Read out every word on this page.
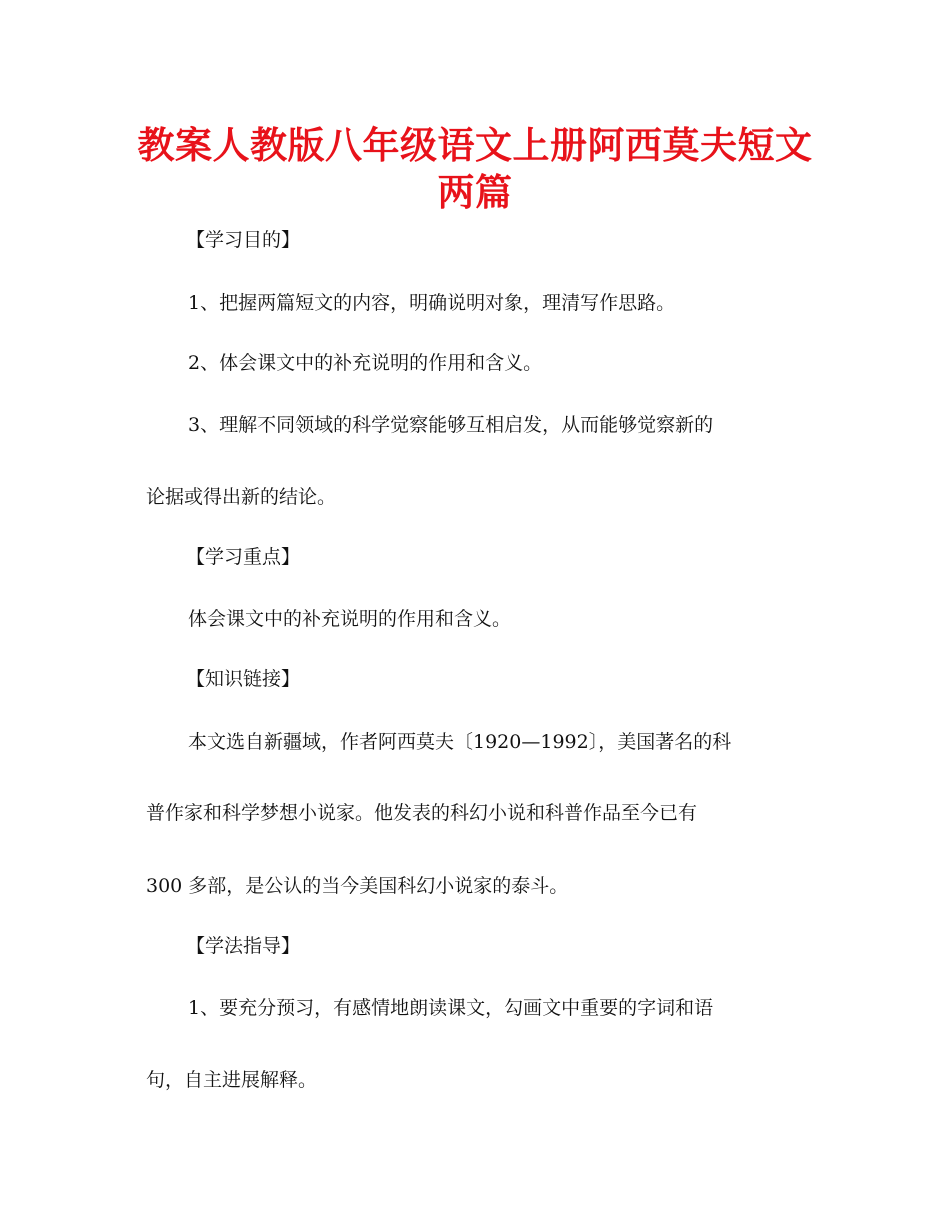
教案人教版八年级语文上册阿西莫夫短文
两篇
【学习目的】
1、把握两篇短文的内容，明确说明对象，理清写作思路。
2、体会课文中的补充说明的作用和含义。
3、理解不同领域的科学觉察能够互相启发，从而能够觉察新的
论据或得出新的结论。
【学习重点】
体会课文中的补充说明的作用和含义。
【知识链接】
本文选自新疆域，作者阿西莫夫〔1920—1992〕，美国著名的科
普作家和科学梦想小说家。他发表的科幻小说和科普作品至今已有
300 多部，是公认的当今美国科幻小说家的泰斗。
【学法指导】
1、要充分预习，有感情地朗读课文，勾画文中重要的字词和语
句，自主进展解释。
